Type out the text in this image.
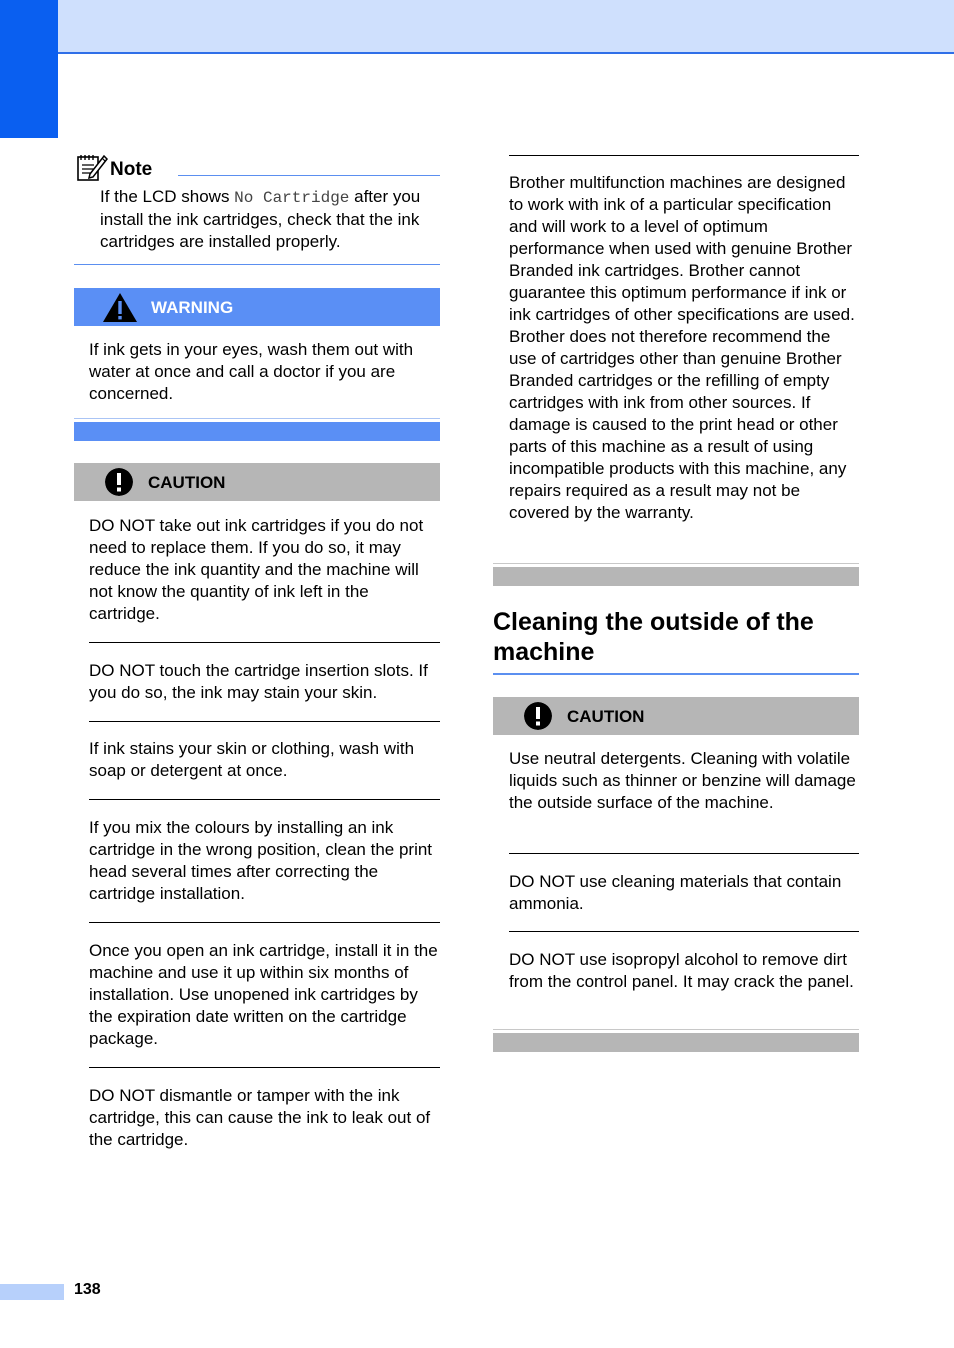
Note

If the LCD shows No Cartridge after you install the ink cartridges, check that the ink cartridges are installed properly.

WARNING

If ink gets in your eyes, wash them out with water at once and call a doctor if you are concerned.

CAUTION

DO NOT take out ink cartridges if you do not need to replace them. If you do so, it may reduce the ink quantity and the machine will not know the quantity of ink left in the cartridge.

DO NOT touch the cartridge insertion slots. If you do so, the ink may stain your skin.

If ink stains your skin or clothing, wash with soap or detergent at once.

If you mix the colours by installing an ink cartridge in the wrong position, clean the print head several times after correcting the cartridge installation.

Once you open an ink cartridge, install it in the machine and use it up within six months of installation. Use unopened ink cartridges by the expiration date written on the cartridge package.

DO NOT dismantle or tamper with the ink cartridge, this can cause the ink to leak out of the cartridge.

Brother multifunction machines are designed to work with ink of a particular specification and will work to a level of optimum performance when used with genuine Brother Branded ink cartridges. Brother cannot guarantee this optimum performance if ink or ink cartridges of other specifications are used. Brother does not therefore recommend the use of cartridges other than genuine Brother Branded cartridges or the refilling of empty cartridges with ink from other sources. If damage is caused to the print head or other parts of this machine as a result of using incompatible products with this machine, any repairs required as a result may not be covered by the warranty.

Cleaning the outside of the machine
CAUTION

Use neutral detergents. Cleaning with volatile liquids such as thinner or benzine will damage the outside surface of the machine.

DO NOT use cleaning materials that contain ammonia.

DO NOT use isopropyl alcohol to remove dirt from the control panel. It may crack the panel.

138
